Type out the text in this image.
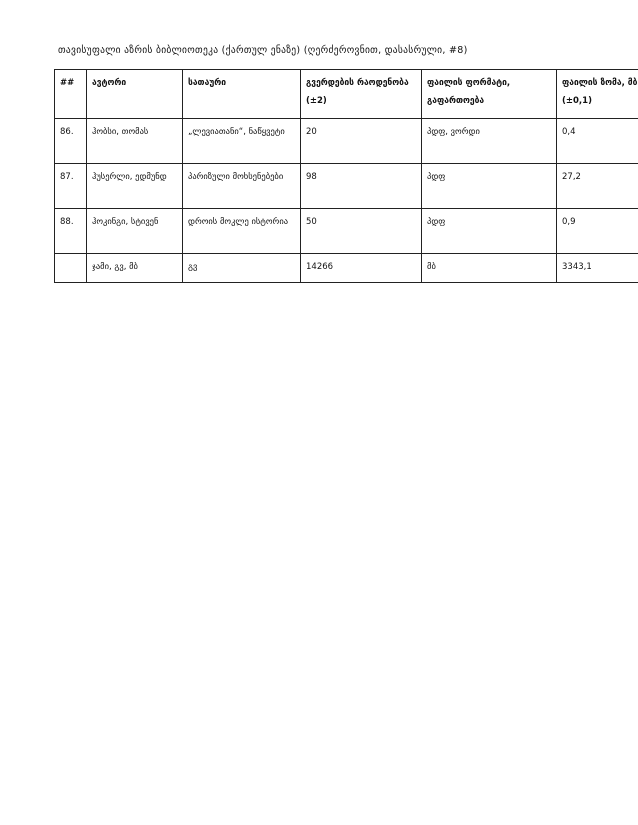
თავისუფალი აზრის ბიბლიოთეკა (ქართულ ენაზე) (ღერძეროვნით, დასასრული, #8)
##	ავტორი	სათაური	გვერდების რაოდენობა (±2)	ფაილის ფორმატი, გაფართოება	ფაილის ზომა, მბ (±0,1)
86.	ჰობსი, თომას	„ლევიათანი“, ნაწყვეტი	20	პდფ, ვორდი	0,4
87.	ჰუსერლი, ედმუნდ	პარიზული მოხსენებები	98	პდფ	27,2
88.	ჰოკინგი, სტივენ	დროის მოკლე ისტორია	50	პდფ	0,9
	ჯამი, გვ, მბ	გვ	14266	მბ	3343,1
